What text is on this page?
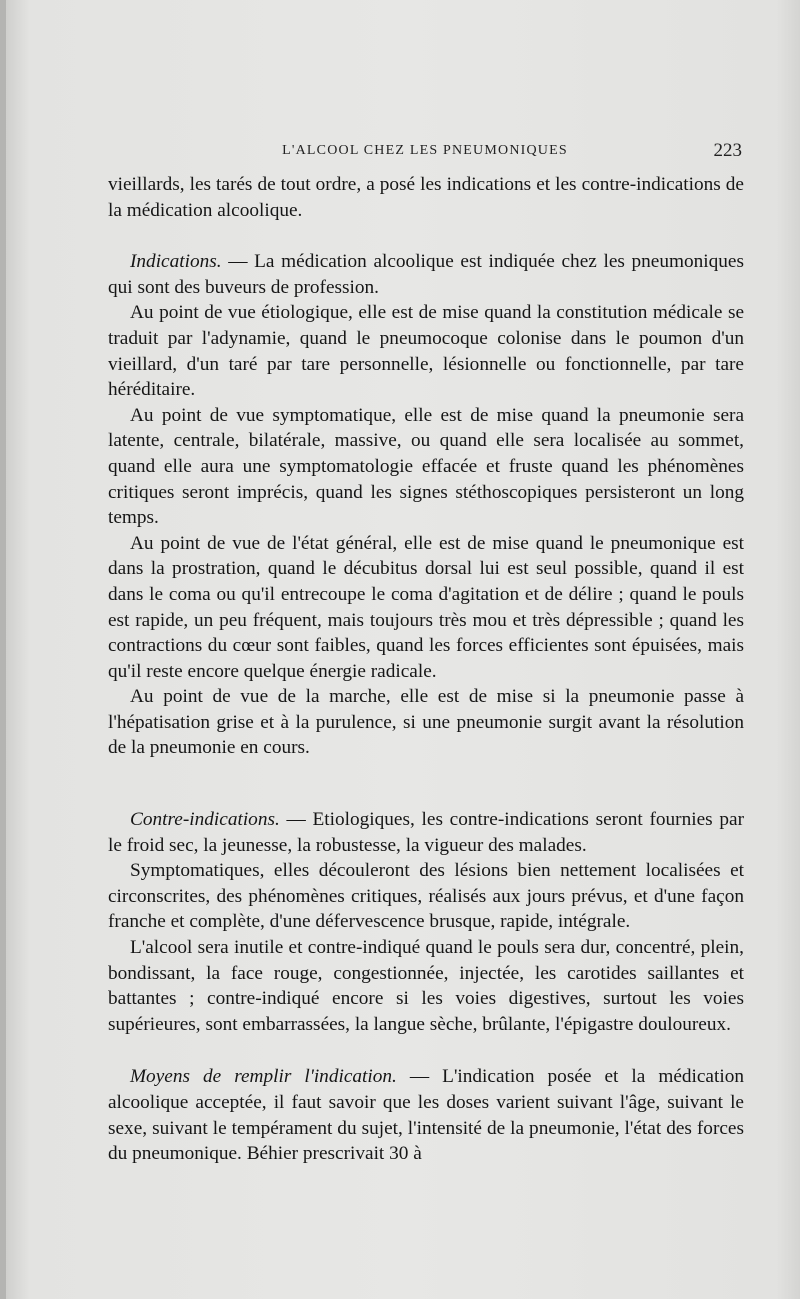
L'ALCOOL CHEZ LES PNEUMONIQUES	223

vieillards, les tarés de tout ordre, a posé les indications et les contre-indications de la médication alcoolique.

Indications. — La médication alcoolique est indiquée chez les pneumoniques qui sont des buveurs de profession.

Au point de vue étiologique, elle est de mise quand la constitution médicale se traduit par l'adynamie, quand le pneumocoque colonise dans le poumon d'un vieillard, d'un taré par tare personnelle, lésionnelle ou fonctionnelle, par tare héréditaire.

Au point de vue symptomatique, elle est de mise quand la pneumonie sera latente, centrale, bilatérale, massive, ou quand elle sera localisée au sommet, quand elle aura une symptomatologie effacée et fruste quand les phénomènes critiques seront imprécis, quand les signes stéthoscopiques persisteront un long temps.

Au point de vue de l'état général, elle est de mise quand le pneumonique est dans la prostration, quand le décubitus dorsal lui est seul possible, quand il est dans le coma ou qu'il entrecoupe le coma d'agitation et de délire ; quand le pouls est rapide, un peu fréquent, mais toujours très mou et très dépressible ; quand les contractions du cœur sont faibles, quand les forces efficientes sont épuisées, mais qu'il reste encore quelque énergie radicale.

Au point de vue de la marche, elle est de mise si la pneumonie passe à l'hépatisation grise et à la purulence, si une pneumonie surgit avant la résolution de la pneumonie en cours.

Contre-indications. — Etiologiques, les contre-indications seront fournies par le froid sec, la jeunesse, la robustesse, la vigueur des malades.

Symptomatiques, elles découleront des lésions bien nettement localisées et circonscrites, des phénomènes critiques, réalisés aux jours prévus, et d'une façon franche et complète, d'une défervescence brusque, rapide, intégrale.

L'alcool sera inutile et contre-indiqué quand le pouls sera dur, concentré, plein, bondissant, la face rouge, congestionnée, injectée, les carotides saillantes et battantes ; contre-indiqué encore si les voies digestives, surtout les voies supérieures, sont embarrassées, la langue sèche, brûlante, l'épigastre douloureux.

Moyens de remplir l'indication. — L'indication posée et la médication alcoolique acceptée, il faut savoir que les doses varient suivant l'âge, suivant le sexe, suivant le tempérament du sujet, l'intensité de la pneumonie, l'état des forces du pneumonique. Béhier prescrivait 30 à
